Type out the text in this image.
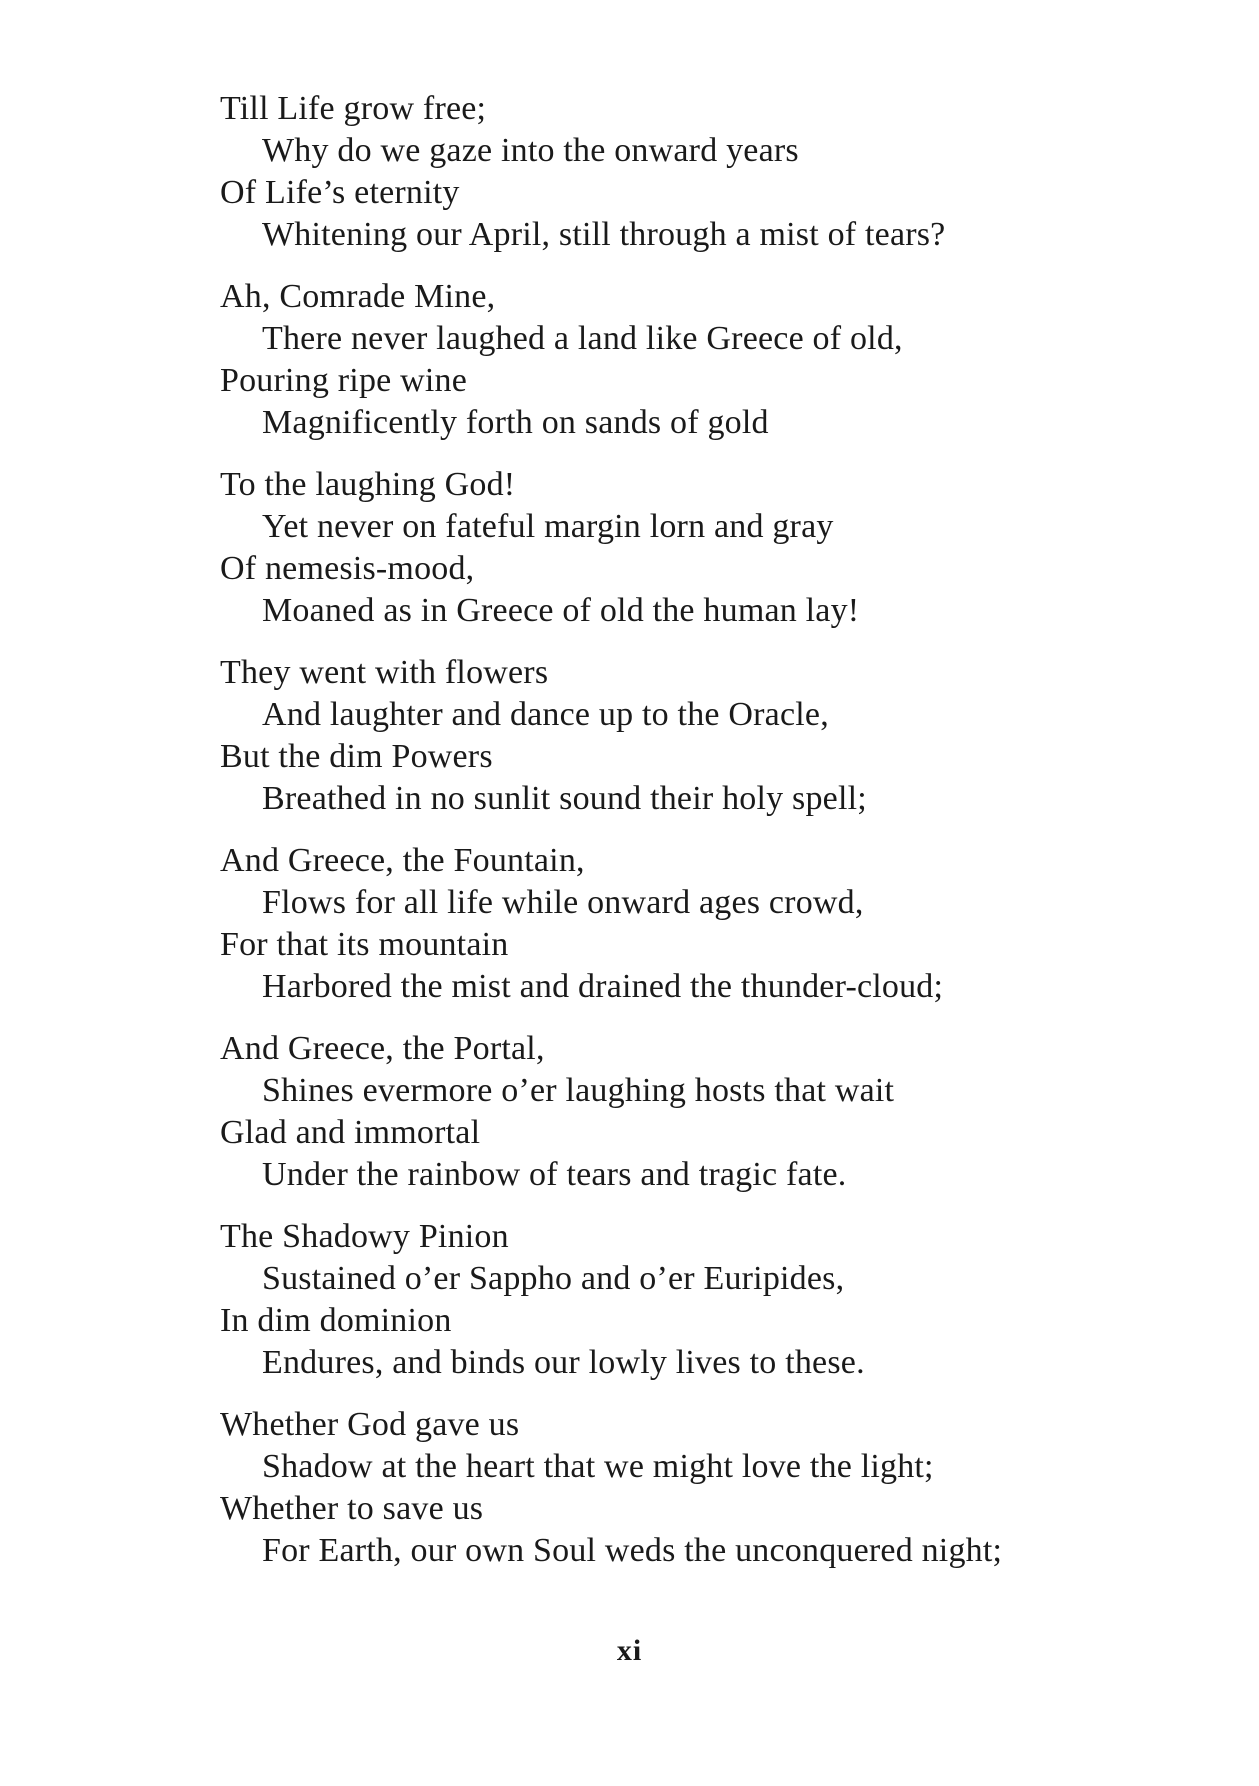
Till Life grow free;
Why do we gaze into the onward years
Of Life’s eternity
Whitening our April, still through a mist of tears?
Ah, Comrade Mine,
There never laughed a land like Greece of old,
Pouring ripe wine
Magnificently forth on sands of gold
To the laughing God!
Yet never on fateful margin lorn and gray
Of nemesis-mood,
Moaned as in Greece of old the human lay!
They went with flowers
And laughter and dance up to the Oracle,
But the dim Powers
Breathed in no sunlit sound their holy spell;
And Greece, the Fountain,
Flows for all life while onward ages crowd,
For that its mountain
Harbored the mist and drained the thunder-cloud;
And Greece, the Portal,
Shines evermore o’er laughing hosts that wait
Glad and immortal
Under the rainbow of tears and tragic fate.
The Shadowy Pinion
Sustained o’er Sappho and o’er Euripides,
In dim dominion
Endures, and binds our lowly lives to these.
Whether God gave us
Shadow at the heart that we might love the light;
Whether to save us
For Earth, our own Soul weds the unconquered night;
xi
